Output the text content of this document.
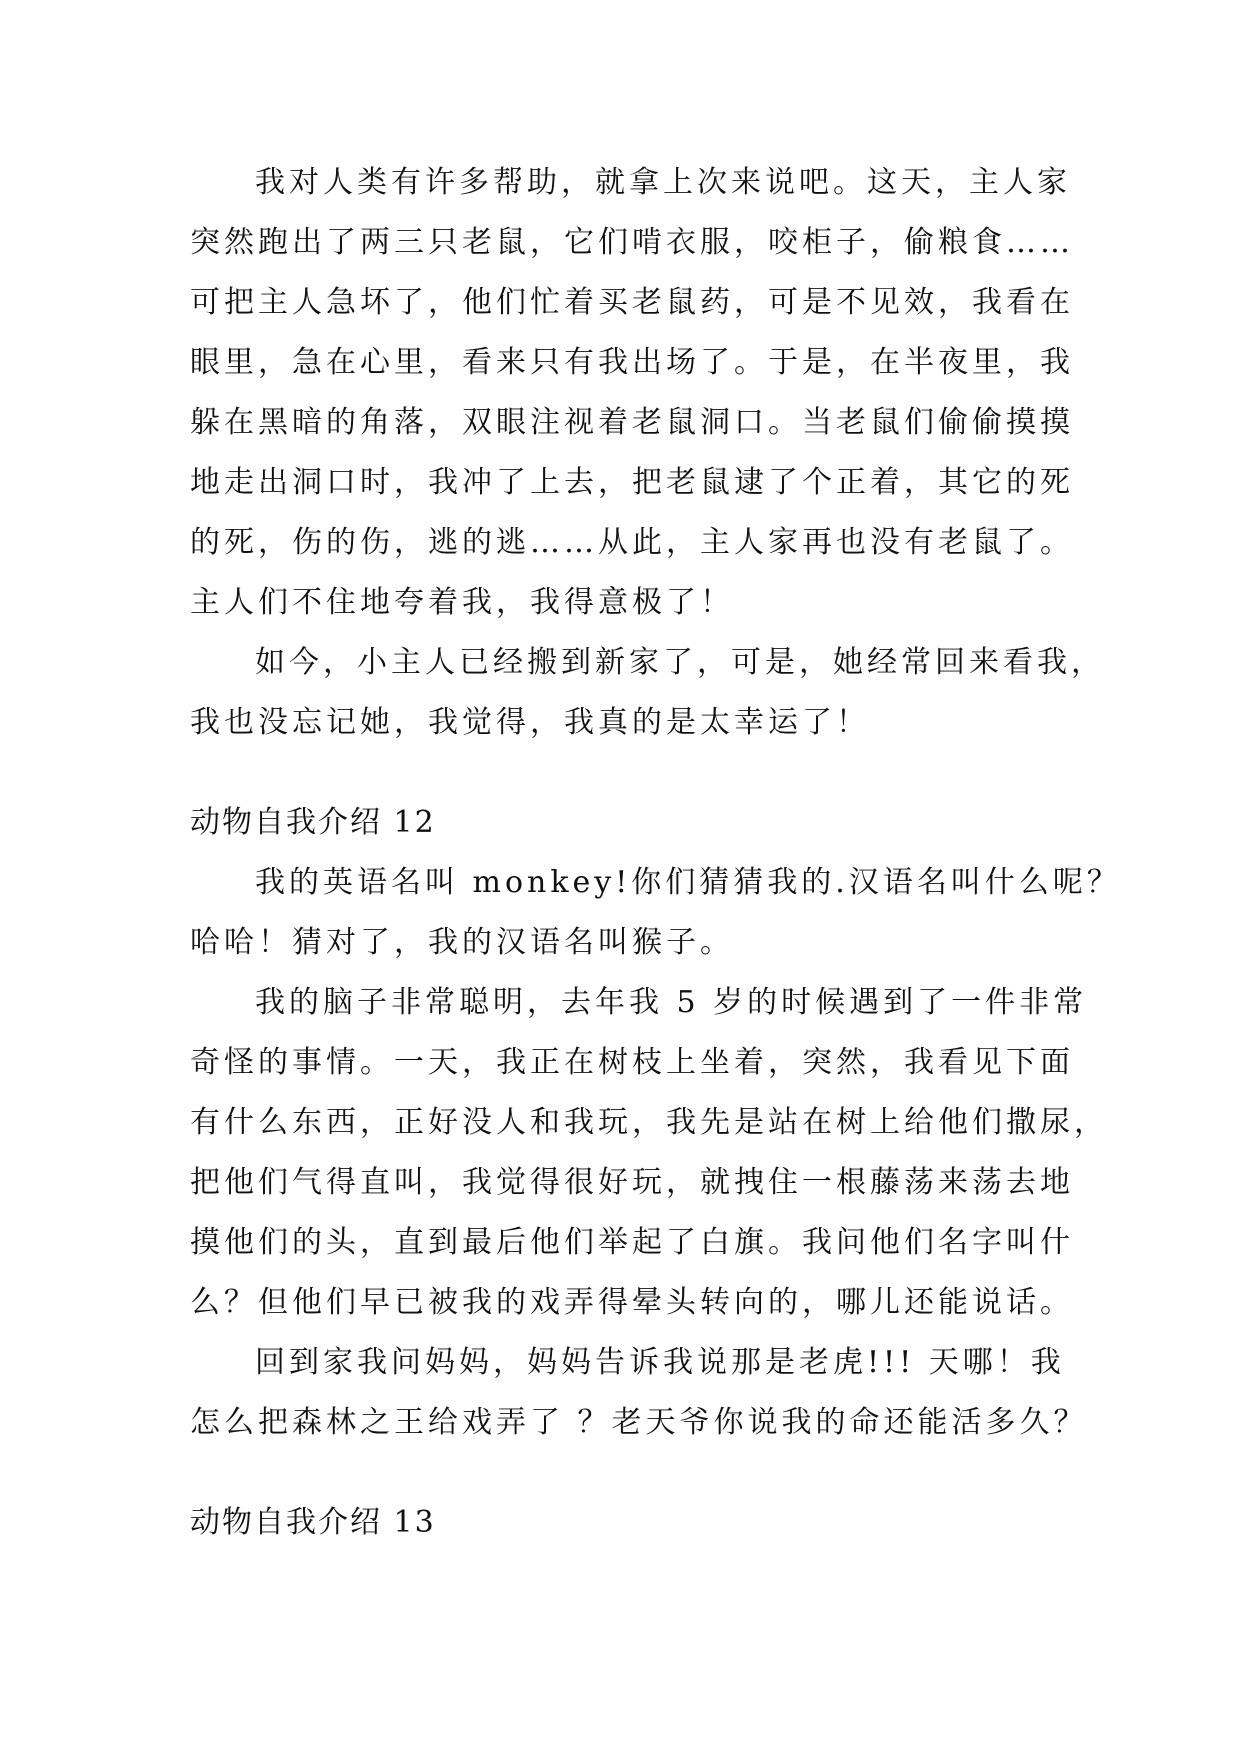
我对人类有许多帮助，就拿上次来说吧。这天，主人家
突然跑出了两三只老鼠，它们啃衣服，咬柜子，偷粮食……
可把主人急坏了，他们忙着买老鼠药，可是不见效，我看在
眼里，急在心里，看来只有我出场了。于是，在半夜里，我
躲在黑暗的角落，双眼注视着老鼠洞口。当老鼠们偷偷摸摸
地走出洞口时，我冲了上去，把老鼠逮了个正着，其它的死
的死，伤的伤，逃的逃……从此，主人家再也没有老鼠了。
主人们不住地夸着我，我得意极了！
如今，小主人已经搬到新家了，可是，她经常回来看我，
我也没忘记她，我觉得，我真的是太幸运了！
动物自我介绍 12
我的英语名叫 monkey!你们猜猜我的.汉语名叫什么呢？
哈哈！猜对了，我的汉语名叫猴子。
我的脑子非常聪明，去年我 5 岁的时候遇到了一件非常
奇怪的事情。一天，我正在树枝上坐着，突然，我看见下面
有什么东西，正好没人和我玩，我先是站在树上给他们撒尿，
把他们气得直叫，我觉得很好玩，就拽住一根藤荡来荡去地
摸他们的头，直到最后他们举起了白旗。我问他们名字叫什
么？但他们早已被我的戏弄得晕头转向的，哪儿还能说话。
回到家我问妈妈，妈妈告诉我说那是老虎!!! 天哪！我
怎么把森林之王给戏弄了 ？老天爷你说我的命还能活多久？
动物自我介绍 13
